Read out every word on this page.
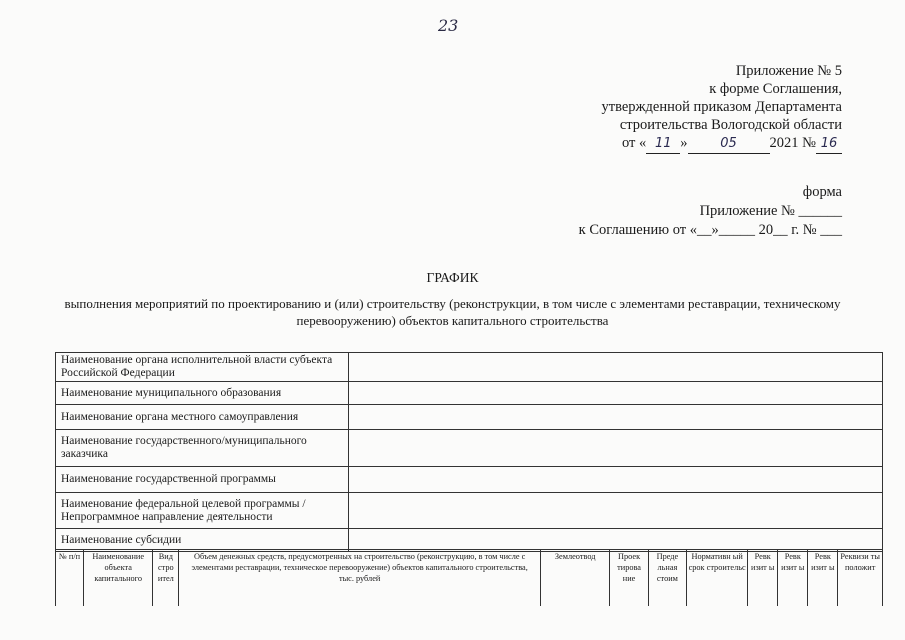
23
Приложение № 5
к форме Соглашения,
утвержденной приказом Департамента
строительства Вологодской области
от « 11 »	05 2021 № 16
форма
Приложение № ______
к Соглашению от «__»_____ 20__ г. № ___
ГРАФИК
выполнения мероприятий по проектированию и (или) строительству (реконструкции, в том числе с элементами реставрации, техническому перевооружению) объектов капитального строительства
Наименование органа исполнительной власти субъекта Российской Федерации	
Наименование муниципального образования	
Наименование органа местного самоуправления	
Наименование государственного/муниципального заказчика	
Наименование государственной программы	
Наименование федеральной целевой программы / Непрограммное направление деятельности	
Наименование субсидии	
№ п/п	Наименование объекта капитального	Вид стро ител	Объем денежных средств, предусмотренных на строительство (реконструкцию, в том числе с элементами реставрации, техническое перевооружение) объектов капитального строительства, тыс. рублей	Землеотвод	Проек тирова ние	Преде льная стоим	Нормативн ый срок строительс	Ревк изит ы	Ревк изит ы	Ревк изит ы	Реквизи ты положит
